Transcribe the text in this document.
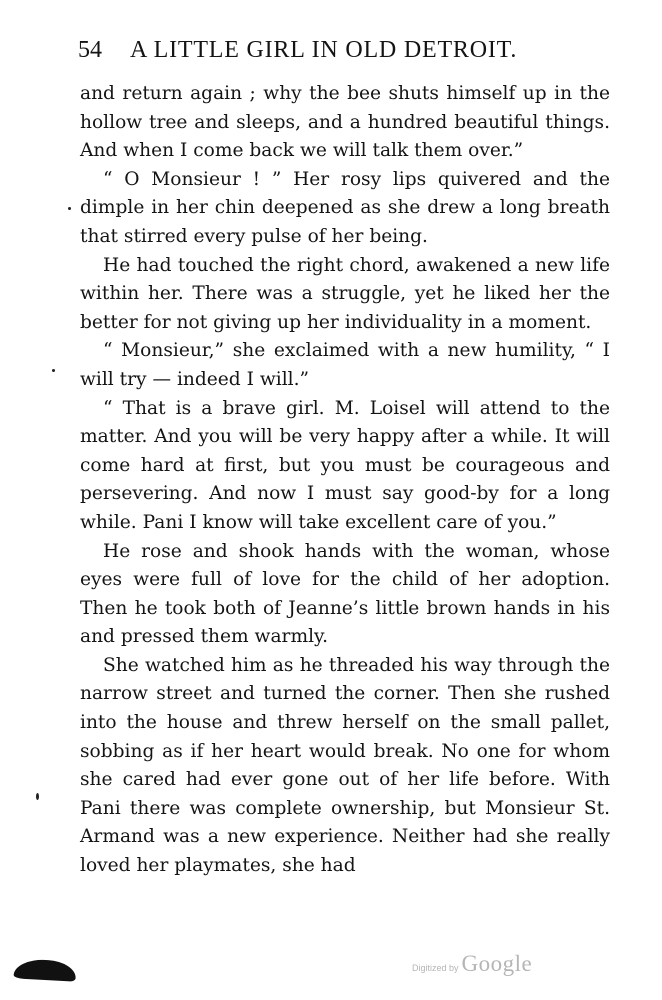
54 A LITTLE GIRL IN OLD DETROIT.

and return again ; why the bee shuts himself up in the hollow tree and sleeps, and a hundred beautiful things. And when I come back we will talk them over.”

“ O Monsieur ! ” Her rosy lips quivered and the dimple in her chin deepened as she drew a long breath that stirred every pulse of her being.

He had touched the right chord, awakened a new life within her. There was a struggle, yet he liked her the better for not giving up her individuality in a moment.

“ Monsieur,” she exclaimed with a new humility, “ I will try — indeed I will.”

“ That is a brave girl. M. Loisel will attend to the matter. And you will be very happy after a while. It will come hard at first, but you must be courageous and persevering. And now I must say good-by for a long while. Pani I know will take excellent care of you.”

He rose and shook hands with the woman, whose eyes were full of love for the child of her adoption. Then he took both of Jeanne’s little brown hands in his and pressed them warmly.

She watched him as he threaded his way through the narrow street and turned the corner. Then she rushed into the house and threw herself on the small pallet, sobbing as if her heart would break. No one for whom she cared had ever gone out of her life before. With Pani there was complete ownership, but Monsieur St. Armand was a new experience. Neither had she really loved her playmates, she had

Digitized by Google
